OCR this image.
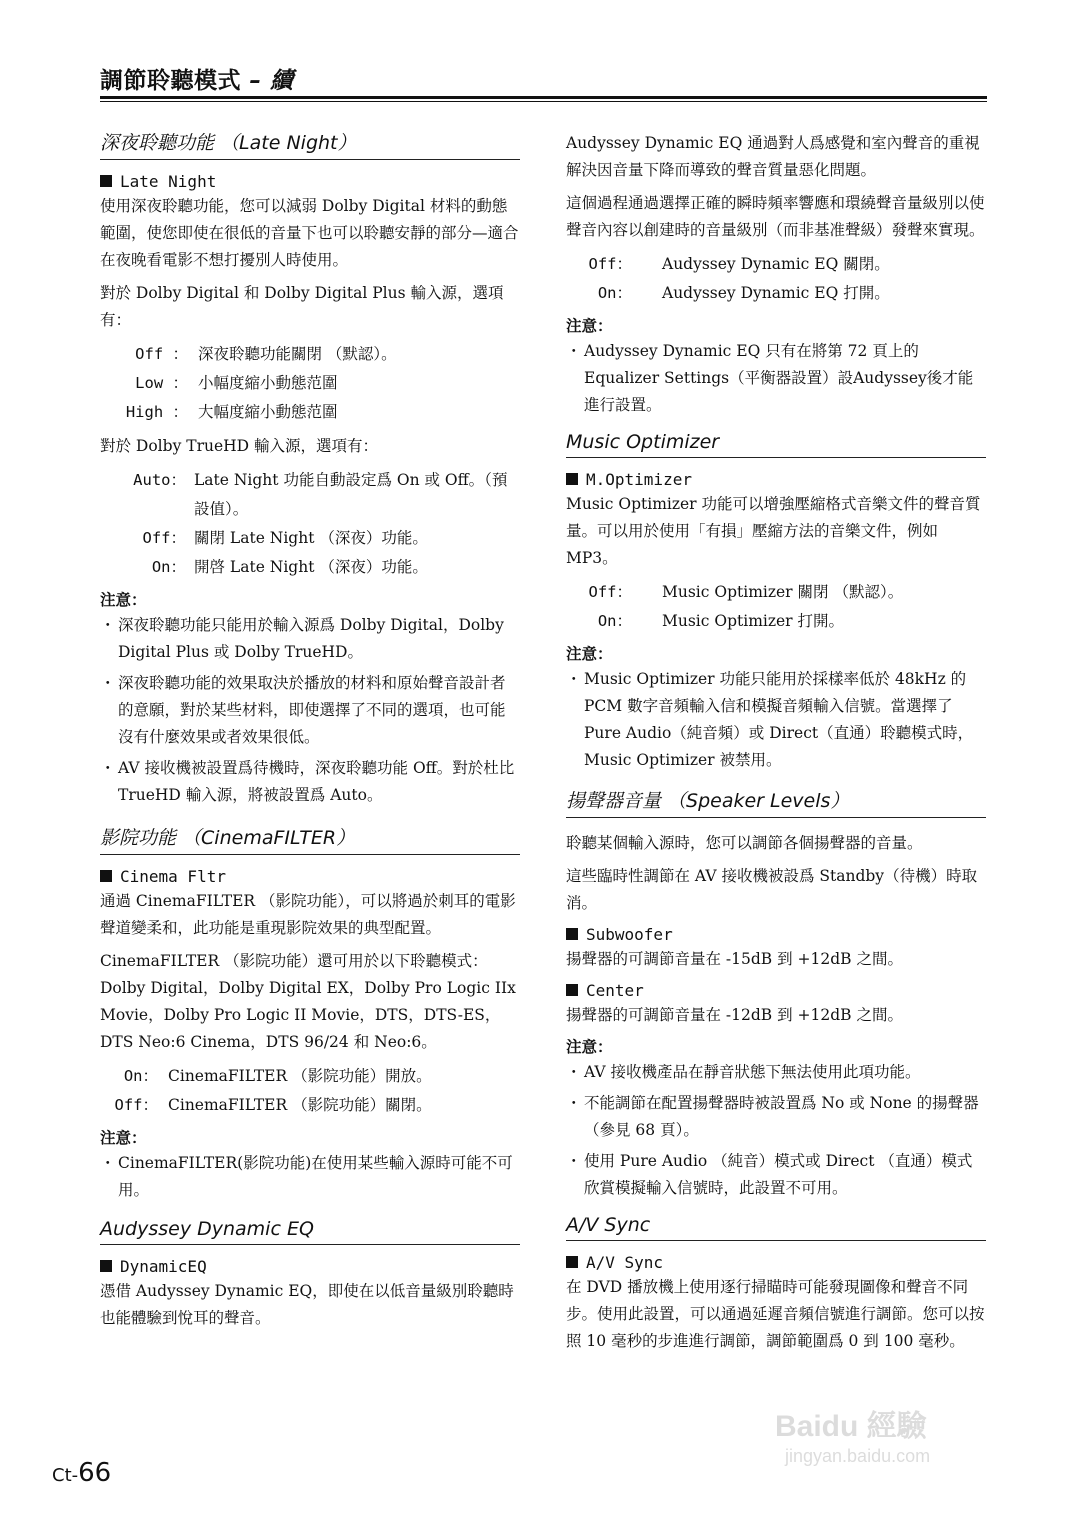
調節聆聽模式 – 續
深夜聆聽功能 （Late Night）
Late Night

使用深夜聆聽功能，您可以減弱 Dolby Digital 材料的動態範圍，使您即使在很低的音量下也可以聆聽安靜的部分—適合在夜晚看電影不想打擾別人時使用。

對於 Dolby Digital 和 Dolby Digital Plus 輸入源，選項有：

Off ： 深夜聆聽功能關閉 （默認）。
Low ： 小幅度縮小動態范圍
High ： 大幅度縮小動態范圍

對於 Dolby TrueHD 輸入源，選項有：

Auto： Late Night 功能自動設定爲 On 或 Off。（預設值）。
Off： 關閉 Late Night （深夜）功能。
On： 開啓 Late Night （深夜）功能。
注意：
・ 深夜聆聽功能只能用於輸入源爲 Dolby Digital，Dolby Digital Plus 或 Dolby TrueHD。
・ 深夜聆聽功能的效果取決於播放的材料和原始聲音設計者的意願，對於某些材料，即使選擇了不同的選項，也可能沒有什麼效果或者效果很低。
・ AV 接收機被設置爲待機時，深夜聆聽功能 Off。對於杜比 TrueHD 輸入源，將被設置爲 Auto。
影院功能 （CinemaFILTER）
Cinema Fltr

通過 CinemaFILTER （影院功能），可以將過於刺耳的電影聲道變柔和，此功能是重現影院效果的典型配置。

CinemaFILTER （影院功能）還可用於以下聆聽模式：Dolby Digital，Dolby Digital EX，Dolby Pro Logic IIx Movie，Dolby Pro Logic II Movie，DTS，DTS-ES，DTS Neo:6 Cinema，DTS 96/24 和 Neo:6。

On： CinemaFILTER （影院功能）開放。
Off： CinemaFILTER （影院功能）關閉。
注意：
・ CinemaFILTER(影院功能)在使用某些輸入源時可能不可用。
Audyssey Dynamic EQ
DynamicEQ

憑借 Audyssey Dynamic EQ，即使在以低音量級別聆聽時也能體驗到悅耳的聲音。

Audyssey Dynamic EQ 通過對人爲感覺和室內聲音的重視解決因音量下降而導致的聲音質量惡化問題。

這個過程通過選擇正確的瞬時頻率響應和環繞聲音量級別以使聲音內容以創建時的音量級別（而非基准聲級）發聲來實現。

Off：	Audyssey Dynamic EQ 關閉。
On：	Audyssey Dynamic EQ 打開。
注意：
・ Audyssey Dynamic EQ 只有在將第 72 頁上的 Equalizer Settings（平衡器設置）設Audyssey後才能進行設置。
Music Optimizer
M.Optimizer

Music Optimizer 功能可以增強壓縮格式音樂文件的聲音質量。可以用於使用「有損」壓縮方法的音樂文件，例如 MP3。

Off：	Music Optimizer 關閉 （默認）。
On：	Music Optimizer 打開。
注意：
・ Music Optimizer 功能只能用於採樣率低於 48kHz 的 PCM 數字音頻輸入信和模擬音頻輸入信號。當選擇了 Pure Audio（純音頻）或 Direct（直通）聆聽模式時，Music Optimizer 被禁用。
揚聲器音量 （Speaker Levels）

聆聽某個輸入源時，您可以調節各個揚聲器的音量。

這些臨時性調節在 AV 接收機被設爲 Standby（待機）時取消。

Subwoofer

揚聲器的可調節音量在 -15dB 到 +12dB 之間。

Center

揚聲器的可調節音量在 -12dB 到 +12dB 之間。

注意：
・ AV 接收機產品在靜音狀態下無法使用此項功能。
・ 不能調節在配置揚聲器時被設置爲 No 或 None 的揚聲器（參見 68 頁）。
・ 使用 Pure Audio （純音）模式或 Direct （直通）模式欣賞模擬輸入信號時，此設置不可用。
A/V Sync
A/V Sync

在 DVD 播放機上使用逐行掃瞄時可能發現圖像和聲音不同步。使用此設置，可以通過延遲音頻信號進行調節。您可以按照 10 毫秒的步進進行調節，調節範圍爲 0 到 100 毫秒。

Ct-66
Baidu 經驗
jingyan.baidu.com
